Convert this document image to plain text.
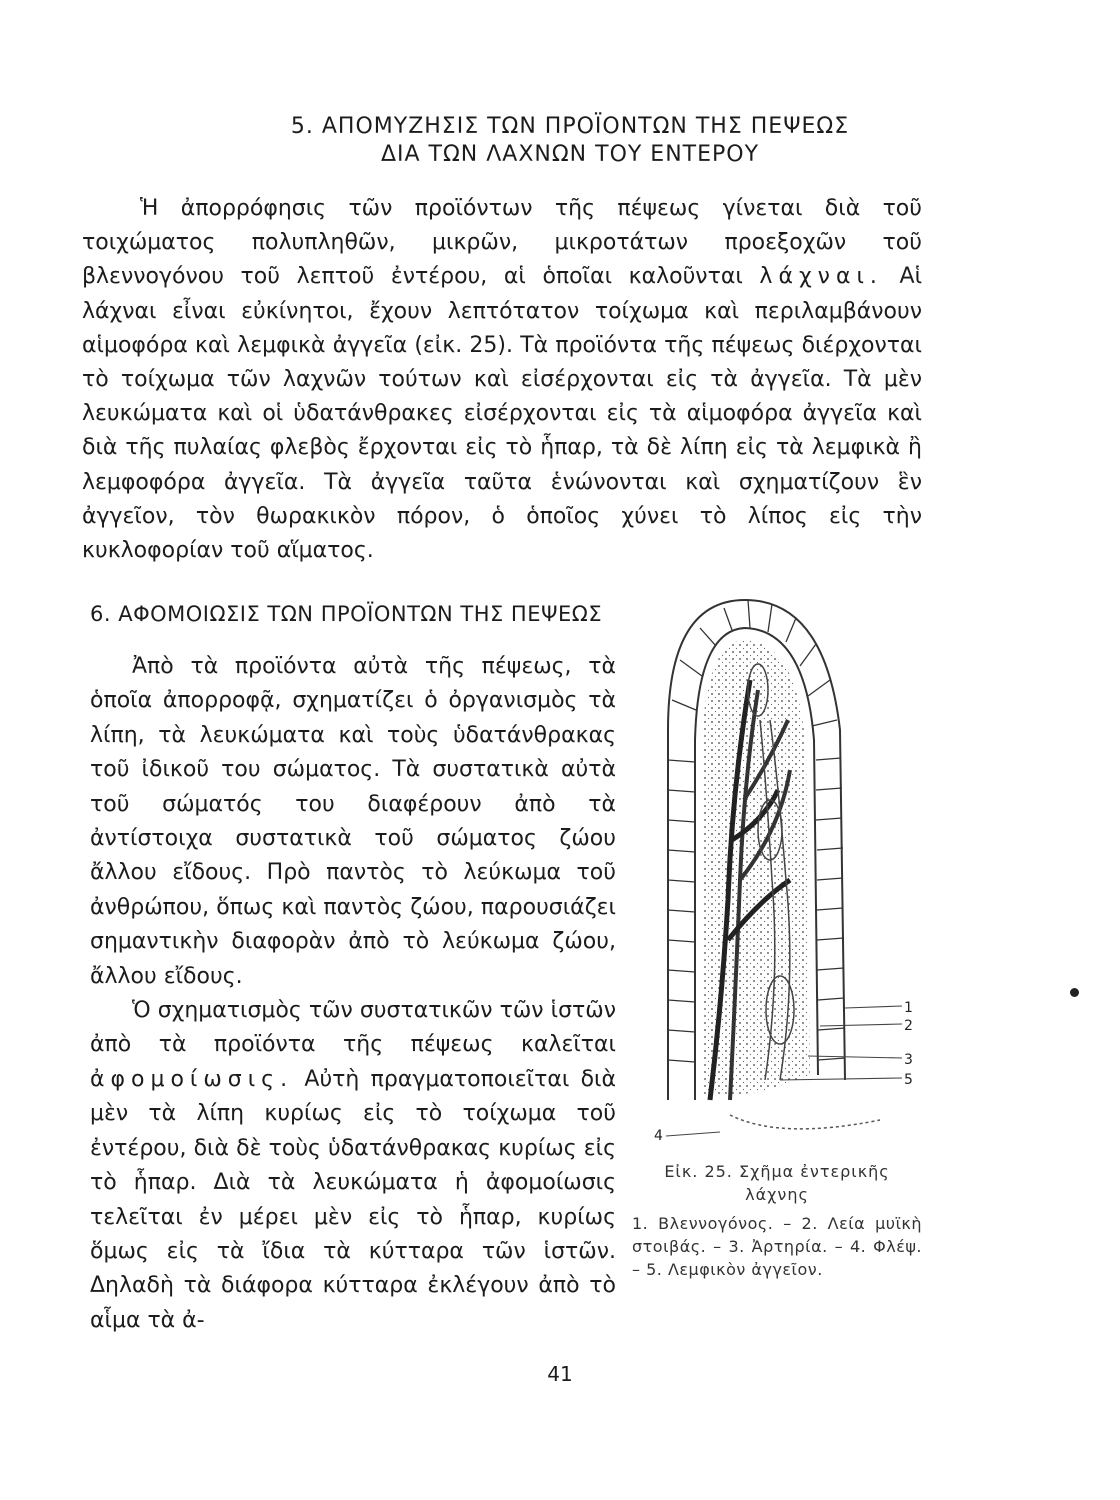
5. ΑΠΟΜΥΖΗΣΙΣ ΤΩΝ ΠΡΟΪΟΝΤΩΝ ΤΗΣ ΠΕΨΕΩΣ
ΔΙΑ ΤΩΝ ΛΑΧΝΩΝ ΤΟΥ ΕΝΤΕΡΟΥ

Ἡ ἀπορρόφησις τῶν προϊόντων τῆς πέψεως γίνεται διὰ τοῦ τοιχώματος πολυπληθῶν, μικρῶν, μικροτάτων προεξοχῶν τοῦ βλεννογόνου τοῦ λεπτοῦ ἐντέρου, αἱ ὁποῖαι καλοῦνται λάχναι. Αἱ λάχναι εἶναι εὐκίνητοι, ἔχουν λεπτότατον τοίχωμα καὶ περιλαμβάνουν αἱμοφόρα καὶ λεμφικὰ ἀγγεῖα (εἰκ. 25). Τὰ προϊόντα τῆς πέψεως διέρχονται τὸ τοίχωμα τῶν λαχνῶν τούτων καὶ εἰσέρχονται εἰς τὰ ἀγγεῖα. Τὰ μὲν λευκώματα καὶ οἱ ὑδατάνθρακες εἰσέρχονται εἰς τὰ αἱμοφόρα ἀγγεῖα καὶ διὰ τῆς πυλαίας φλεβὸς ἔρχονται εἰς τὸ ἧπαρ, τὰ δὲ λίπη εἰς τὰ λεμφικὰ ἢ λεμφοφόρα ἀγγεῖα. Τὰ ἀγγεῖα ταῦτα ἑνώνονται καὶ σχηματίζουν ἓν ἀγγεῖον, τὸν θωρακικὸν πόρον, ὁ ὁποῖος χύνει τὸ λίπος εἰς τὴν κυκλοφορίαν τοῦ αἵματος.

6. ΑΦΟΜΟΙΩΣΙΣ ΤΩΝ ΠΡΟΪΟΝΤΩΝ ΤΗΣ ΠΕΨΕΩΣ

Ἀπὸ τὰ προϊόντα αὐτὰ τῆς πέψεως, τὰ ὁποῖα ἀπορροφᾷ, σχηματίζει ὁ ὀργανισμὸς τὰ λίπη, τὰ λευκώματα καὶ τοὺς ὑδατάνθρακας τοῦ ἰδικοῦ του σώματος. Τὰ συστατικὰ αὐτὰ τοῦ σώματός του διαφέρουν ἀπὸ τὰ ἀντίστοιχα συστατικὰ τοῦ σώματος ζώου ἄλλου εἴδους. Πρὸ παντὸς τὸ λεύκωμα τοῦ ἀνθρώπου, ὅπως καὶ παντὸς ζώου, παρουσιάζει σημαντικὴν διαφορὰν ἀπὸ τὸ λεύκωμα ζώου, ἄλλου εἴδους.

Ὁ σχηματισμὸς τῶν συστατικῶν τῶν ἱστῶν ἀπὸ τὰ προϊόντα τῆς πέψεως καλεῖται ἀφομοίωσις. Αὐτὴ πραγματοποιεῖται διὰ μὲν τὰ λίπη κυρίως εἰς τὸ τοίχωμα τοῦ ἐντέρου, διὰ δὲ τοὺς ὑδατάνθρακας κυρίως εἰς τὸ ἧπαρ. Διὰ τὰ λευκώματα ἡ ἀφομοίωσις τελεῖται ἐν μέρει μὲν εἰς τὸ ἧπαρ, κυρίως ὅμως εἰς τὰ ἴδια τὰ κύτταρα τῶν ἱστῶν. Δηλαδὴ τὰ διάφορα κύτταρα ἐκλέγουν ἀπὸ τὸ αἷμα τὰ ἀ-

1
2
3
5
4
Εἰκ. 25. Σχῆμα ἐντερικῆς λάχνης
1. Βλεννογόνος. – 2. Λεία μυϊκὴ στοιβάς. – 3. Ἀρτηρία. – 4. Φλέψ. – 5. Λεμφικὸν ἀγγεῖον.
41
